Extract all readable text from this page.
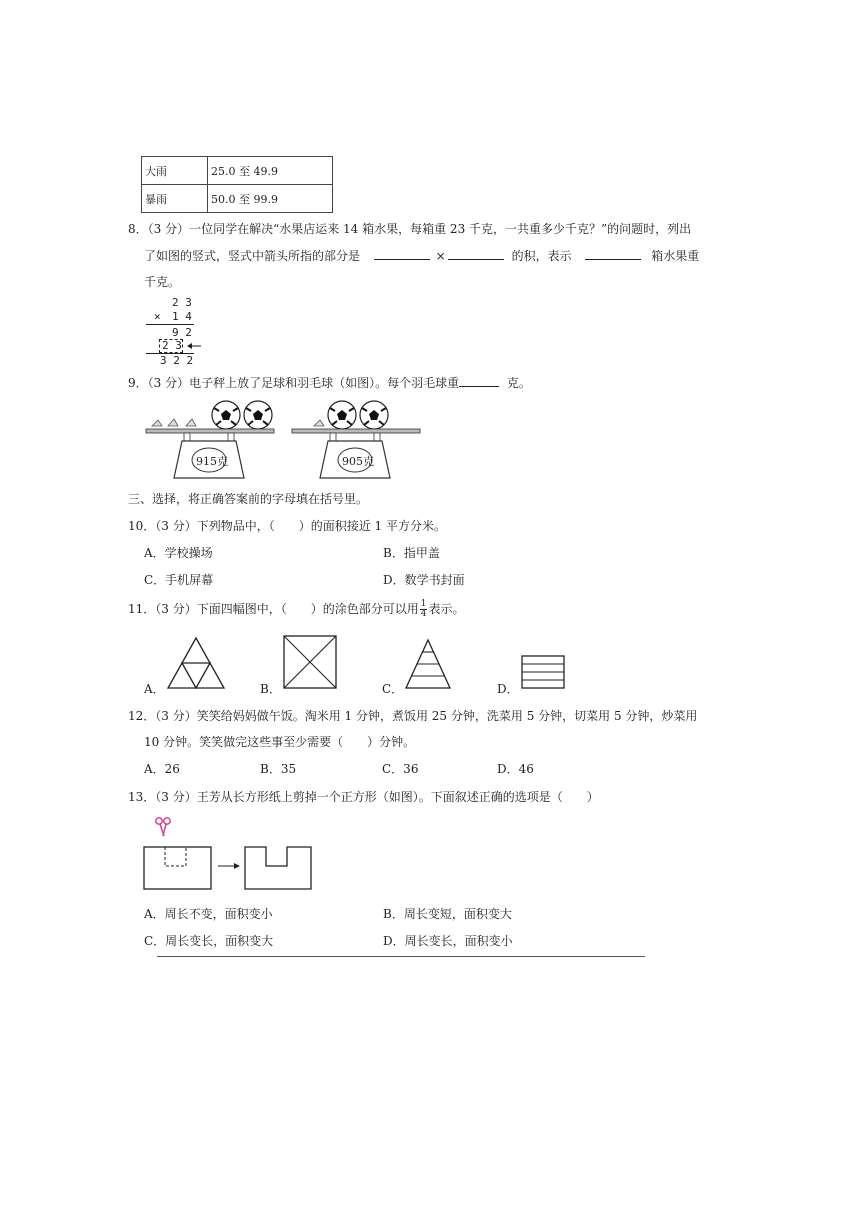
大雨	25.0 至 49.9
暴雨	50.0 至 99.9
8．（3 分）一位同学在解决“水果店运来 14 箱水果，每箱重 23 千克，一共重多少千克？”的问题时，列出
了如图的竖式，竖式中箭头所指的部分是	×	的积，表示	箱水果重
千克。
2 3
× 1 4
9 2
2 3
3 2 2
9．（3 分）电子秤上放了足球和羽毛球（如图）。每个羽毛球重	克。
915克	905克
三、选择，将正确答案前的字母填在括号里。
10．（3 分）下列物品中，（　　）的面积接近 1 平方分米。
A．学校操场	B．指甲盖
C．手机屏幕	D．数学书封面
11．（3 分）下面四幅图中，（　　）的涂色部分可以用 $\frac{1}{4}$ 表示。
A．	B．	C．	D．
12．（3 分）笑笑给妈妈做午饭。淘米用 1 分钟，煮饭用 25 分钟，洗菜用 5 分钟，切菜用 5 分钟，炒菜用
10 分钟。笑笑做完这些事至少需要（　　）分钟。
A．26	B．35	C．36	D．46
13．（3 分）王芳从长方形纸上剪掉一个正方形（如图）。下面叙述正确的选项是（　　）
A．周长不变，面积变小	B．周长变短，面积变大
C．周长变长，面积变大	D．周长变长，面积变小
